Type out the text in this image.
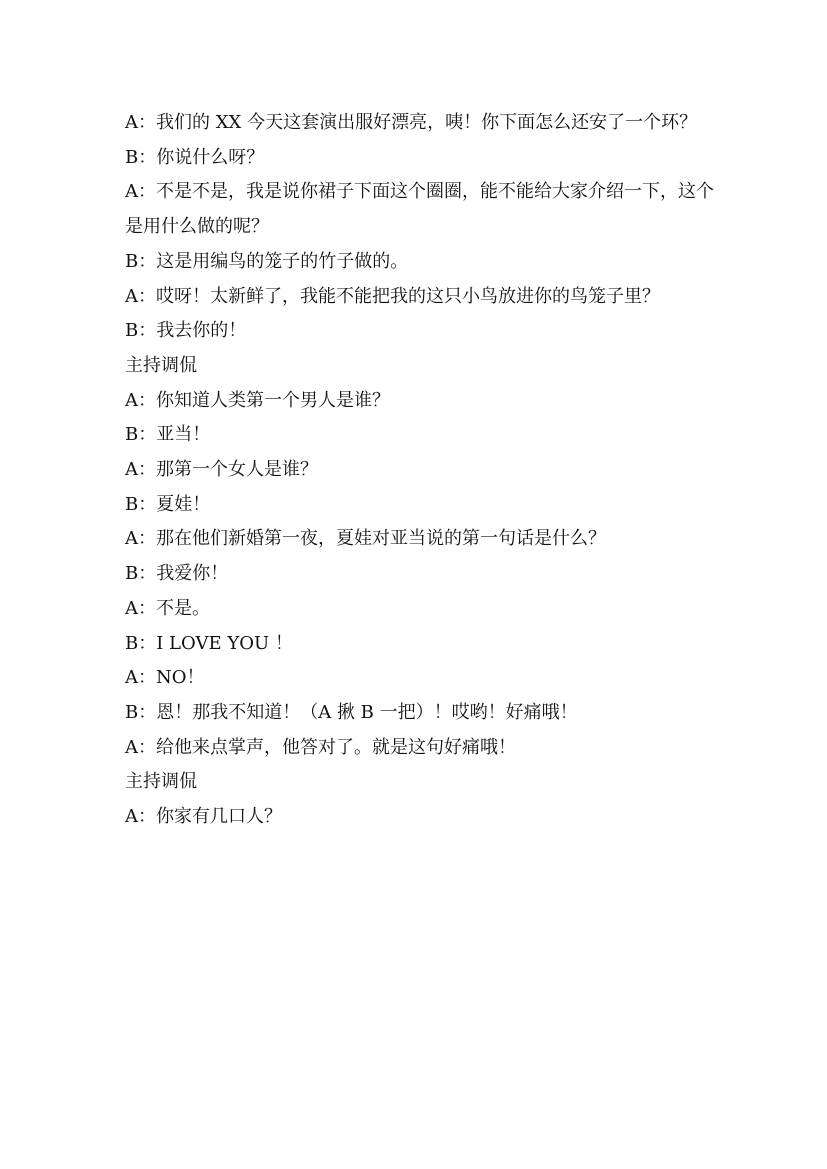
A：我们的 XX 今天这套演出服好漂亮，咦！你下面怎么还安了一个环？

B：你说什么呀？

A：不是不是，我是说你裙子下面这个圈圈，能不能给大家介绍一下，这个是用什么做的呢？

B：这是用编鸟的笼子的竹子做的。

A：哎呀！太新鲜了，我能不能把我的这只小鸟放进你的鸟笼子里？

B：我去你的！

主持调侃

A：你知道人类第一个男人是谁？

B：亚当！

A：那第一个女人是谁？

B：夏娃！

A：那在他们新婚第一夜，夏娃对亚当说的第一句话是什么？

B：我爱你！

A：不是。

B：I LOVE YOU ！

A：NO！

B：恩！那我不知道！（A 揪 B 一把）！哎哟！好痛哦！

A：给他来点掌声，他答对了。就是这句好痛哦！

主持调侃

A：你家有几口人？
